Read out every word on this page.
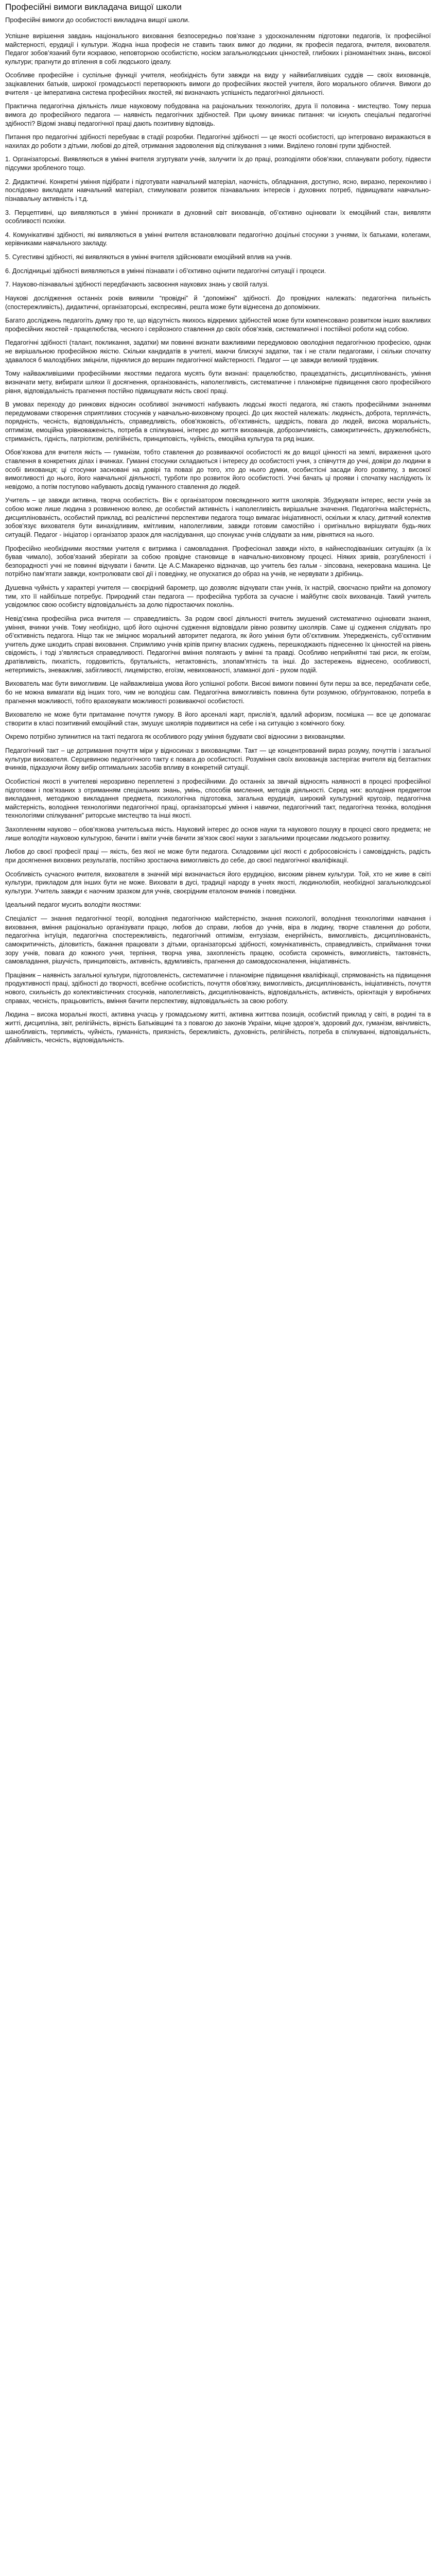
Професійні вимоги викладача вищої школи

Професійні вимоги до особистості викладача вищої школи.

Успішне вирішення завдань національного виховання безпосередньо пов’язане з удосконаленням підготовки педагогів, їх професійної майстерності, ерудиції і культури. Жодна інша професія не ставить таких вимог до людини, як професія педагога, вчителя, вихователя. Педагог зобов’язаний бути яскравою, неповторною особистістю, носієм загальнолюдських цінностей, глибоких і різноманітних знань, високої культури; прагнути до втілення в собі людського ідеалу.

Особливе професійне і суспільне функції учителя, необхідність бути завжди на виду у найвибагливіших суддів — своїх вихованців, зацікавлених батьків, широкої громадськості перетворюють вимоги до професійних якостей учителя, його морального обличчя. Вимоги до вчителя - це імперативна система професійних якостей, які визначають успішність педагогічної діяльності.

Практична педагогічна діяльність лише науковому побудована на раціональних технологіях, друга її половина - мистецтво. Тому перша вимога до професійного педагога — наявність педагогічних здібностей. При цьому виникає питання: чи існують спеціальні педагогічні здібності? Відомі знавці педагогічної праці дають позитивну відповідь.

Питання про педагогічні здібності перебуває в стадії розробки. Педагогічні здібності — це якості особистості, що інтегровано виражаються в нахилах до роботи з дітьми, любові до дітей, отримання задоволення від спілкування з ними. Виділено головні групи здібностей.

1. Організаторські. Виявляються в умінні вчителя згуртувати учнів, залучити їх до праці, розподіляти обов’язки, спланувати роботу, підвести підсумки зробленого тощо.

2. Дидактичні. Конкретні уміння підібрати і підготувати навчальний матеріал, наочність, обладнання, доступно, ясно, виразно, переконливо і послідовно викладати навчальний матеріал, стимулювати розвиток пізнавальних інтересів і духовних потреб, підвищувати навчально-пізнавальну активність і т.д.

3. Перцептивні, що виявляються в умінні проникати в духовний світ вихованців, об’єктивно оцінювати їх емоційний стан, виявляти особливості психіки.

4. Комунікативні здібності, які виявляються в умінні вчителя встановлювати педагогічно доцільні стосунки з учнями, їх батьками, колегами, керівниками навчального закладу.

5. Сугестивні здібності, які виявляються в умінні вчителя здійснювати емоційний вплив на учнів.

6. Дослідницькі здібності виявляються в умінні пізнавати і об’єктивно оцінити педагогічні ситуації і процеси.

7. Науково-пізнавальні здібності передбачають засвоєння наукових знань у своїй галузі.

Наукові дослідження останніх років виявили “провідні” й “допоміжні” здібності. До провідних належать: педагогічна пильність (спостережливість), дидактичні, організаторські, експресивні, решта може бути віднесена до допоміжних.

Багато досліджень педагогіть думку про те, що відсутність якихось відкремих здібностей може бути компенсовано розвитком інших важливих професійних якостей - працелюбства, чесного і серйозного ставлення до своїх обов’язків, систематичної і постійної роботи над собою.

Педагогічні здібності (талант, покликання, задатки) ми повинні визнати важливими передумовою оволодіння педагогічною професією, однак не вирішальною професійною якістю. Скільки кандидатів в учителі, маючи блискучі задатки, так і не стали педагогами, і скільки спочатку здавалося б малоздібних зміцніли, піднялися до вершин педагогічної майстерності. Педагог — це завжди великий трудівник.

Тому найважливішими професійними якостями педагога мусять бути визнані: працелюбство, працездатність, дисциплінованість, уміння визначати мету, вибирати шляхи її досягнення, організованість, наполегливість, систематичне і планомірне підвищення свого професійного рівня, відповідальність прагнення постійно підвищувати якість своєї праці.

В умовах переходу до ринкових відносин особливої значимості набувають людські якості педагога, які стають професійними знаннями передумовами створення сприятливих стосунків у навчально-виховному процесі. До цих якостей належать: людяність, доброта, терплячість, порядність, чесність, відповідальність, справедливість, обов’язковість, об’єктивність, щедрість, повага до людей, висока моральність, оптимізм, емоційна урівноваженість, потреба в спілкуванні, інтерес до життя вихованців, доброзичливість, самокритичність, дружелюбність, стриманість, гідність, патріотизм, релігійність, принциповість, чуйність, емоційна культура та ряд інших.

Обов’язкова для вчителя якість — гуманізм, тобто ставлення до розвиваючої особистості як до вищої цінності на землі, вираження цього ставлення в конкретних ділах і вчинках. Гуманні стосунки складаються і інтересу до особистості учня, з співчуття до учні, довіри до людини в особі вихованця; ці стосунки засновані на довірі та повазі до того, хто до нього думки, особистісні засади його розвитку, з високої вимогливості до нього, його навчальної діяльності, турботи про розвиток його особистості. Учні бачать ці прояви і спочатку наслідують їх невідомо, а потім поступово набувають досвід гуманного ставлення до людей.

Учитель – це завжди активна, творча особистість. Він є організатором повсякденного життя школярів. Збуджувати інтерес, вести учнів за собою може лише людина з розвиненою волею, де особистий активність і наполегливість вирішальне значення. Педагогічна майстерність, дисциплінованість, особистий приклад, всі реалістичні перспективи педагога тощо вимагає ініціативності, оскільки ж класу, дитячий колектив зобов’язує вихователя бути винахідливим, кмітливим, наполегливим, завжди готовим самостійно і оригінально вирішувати будь-яких ситуацій. Педагог - ініціатор і організатор зразок для наслідування, що спонукає учнів слідувати за ним, рівнятися на нього.

Професійно необхідними якостями учителя є витримка і самовладання. Професіонал завжди ніхто, в найнесподіваніших ситуаціях (а їх бував чимало), зобов’язаний зберігати за собою провідне становище в навчально-виховному процесі. Ніяких зривів, розгубленості і безпорадності учні не повинні відчувати і бачити. Це А.С.Макаренко відзначав, що учитель без гальм - зіпсована, некерована машина. Це потрібно пам’ятати завжди, контролювати свої дії і поведінку, не опускатися до образ на учнів, не нервувати з дрібниць.

Душевна чуйність у характері учителя — своєрідний барометр, що дозволяє відчувати стан учнів, їх настрій, своєчасно прийти на допомогу тим, хто її найбільше потребує. Природний стан педагога — професійна турбота за сучасне і майбутнє своїх вихованців. Такий учитель усвідомлює свою особисту відповідальність за долю підростаючих поколінь.

Невід’ємна професійна риса вчителя — справедливість. За родом своєї діяльності вчитель змушений систематично оцінювати знання, уміння, вчинки учнів. Тому необхідно, щоб його оціночні судження відповідали рівню розвитку школярів. Саме ці судження слідувать про об’єктивність педагога. Ніщо так не зміцнює моральний авторитет педагога, як його уміння бути об’єктивним. Упередженість, суб’єктивним учитель дуже шкодить справі виховання. Спримлимо учнів кріпів пригну власних суджень, перешкоджають піднесенню їх цінностей на рівень свідомість, і тоді з’являється справедливості. Педагогічні вміння полягають у вмінні та правді. Особливо неприйнятні такі риси, як егоїзм, дратівливість, пихатість, гордовитість, брутальність, нетактовність, злопам’ятність та інші. До застережень віднесено, особливості, нетерпимість, зневажливі, забігливості, лицемірство, егоїзм, невихованості, зламаної долі - рухом подій.

Вихователь має бути вимогливим. Це найважливіша умова його успішної роботи. Високі вимоги повинні бути перш за все, передбачати себе, бо не можна вимагати від інших того, чим не володієш сам. Педагогічна вимогливість повинна бути розумною, обґрунтованою, потреба в прагнення можливості, тобто враховувати можливості розвиваючої особистості.

Вихователю не може бути притаманне почуття гумору. В його арсеналі жарт, прислів’я, вдалий афоризм, посмішка — все це допомагає створити в класі позитивний емоційний стан, змушує школярів подивитися на себе і на ситуацію з комічного боку.

Окремо потрібно зупинитися на такті педагога як особливого роду уміння будувати свої відносини з вихованцями.

Педагогічний такт – це дотримання почуття міри у відносинах з вихованцями. Такт — це концентрований вираз розуму, почуттів і загальної культури вихователя. Серцевиною педагогічного такту є повага до особистості. Розуміння своїх вихованців застерігає вчителя від безтактних вчинків, підказуючи йому вибір оптимальних засобів впливу в конкретній ситуації.

Особистісні якості в учителеві нерозривно переплетені з професійними. До останніх за звичай відносять наявності в процесі професійної підготовки і пов’язаних з отриманням спеціальних знань, умінь, способів мислення, методів діяльності. Серед них: володіння предметом викладання, методикою викладання предмета, психологічна підготовка, загальна ерудиція, широкий культурний кругозір, педагогічна майстерність, володіння технологіями педагогічної праці, організаторські уміння і навички, педагогічний такт, педагогічна техніка, володіння технологіями спілкування” риторське мистецтво та інші якості.

Захопленням науково – обов’язкова учительська якість. Науковий інтерес до основ науки та наукового пошуку в процесі свого предмета; не лише володіти науковою культурою, бачити і вміти учнів бачити зв’язок своєї науки з загальними процесами людського розвитку.

Любов до своєї професії праці — якість, без якої не може бути педагога. Складовими цієї якості є добросовісність і самовіддність, радість при досягнення виховних результатів, постійно зростаюча вимогливість до себе, до своєї педагогічної кваліфікації.

Особливість сучасного вчителя, вихователя в значній мірі визначається його ерудицією, високим рівнем культури. Той, хто не живе в світі культури, прикладом для інших бути не може. Виховати в дусі, традиції народу в учнях якості, людинолюбія, необхідної загальнолюдської культури. Учитель завжди є наочним зразком для учнів, своєрідним еталоном вчинків і поведінки.

Ідеальний педагог мусить володіти якостями:

Спеціаліст — знання педагогічної теорії, володіння педагогічною майстерністю, знання психології, володіння технологіями навчання і виховання, вміння раціонально організувати працю, любов до справи, любов до учнів, віра в людину, творче ставлення до роботи, педагогічна інтуїція, педагогічна спостережливість, педагогічний оптимізм, ентузіазм, енергійність, вимогливість, дисциплінованість, самокритичність, діловитість, бажання працювати з дітьми, організаторські здібності, комунікативність, справедливість, сприймання точки зору учнів, повага до кожного учня, терпіння, творча уява, захопленість працею, особиста скромність, вимогливість, тактовність, самовладання, рішучість, принциповість, активність, вдумливість, прагнення до самовдосконалення, ініціативність.

Працівник – наявність загальної культури, підготовленість, систематичне і планомірне підвищення кваліфікації, спрямованість на підвищення продуктивності праці, здібності до творчості, всебічне особистість, почуття обов’язку, вимогливість, дисциплінованість, ініціативність, почуття нового, схильність до колективістичних стосунків, наполегливість, дисциплінованість, відповідальність, активність, орієнтація у виробничих справах, чесність, працьовитість, вміння бачити перспективу, відповідальність за свою роботу.

Людина – висока моральні якості, активна учасць у громадському житті, активна життєва позиція, особистий приклад у світі, в родині та в житті, дисципліна, звіт, релігійність, вірність Батьківщині та з повагою до законів України, міцне здоров’я, здоровий дух, гуманізм, ввічливість, шанобливість, терпимість, чуйність, гуманність, приязність, бережливість, духовність, релігійність, потреба в спілкуванні, відповідальність, дбайливість, чесність, відповідальність.
